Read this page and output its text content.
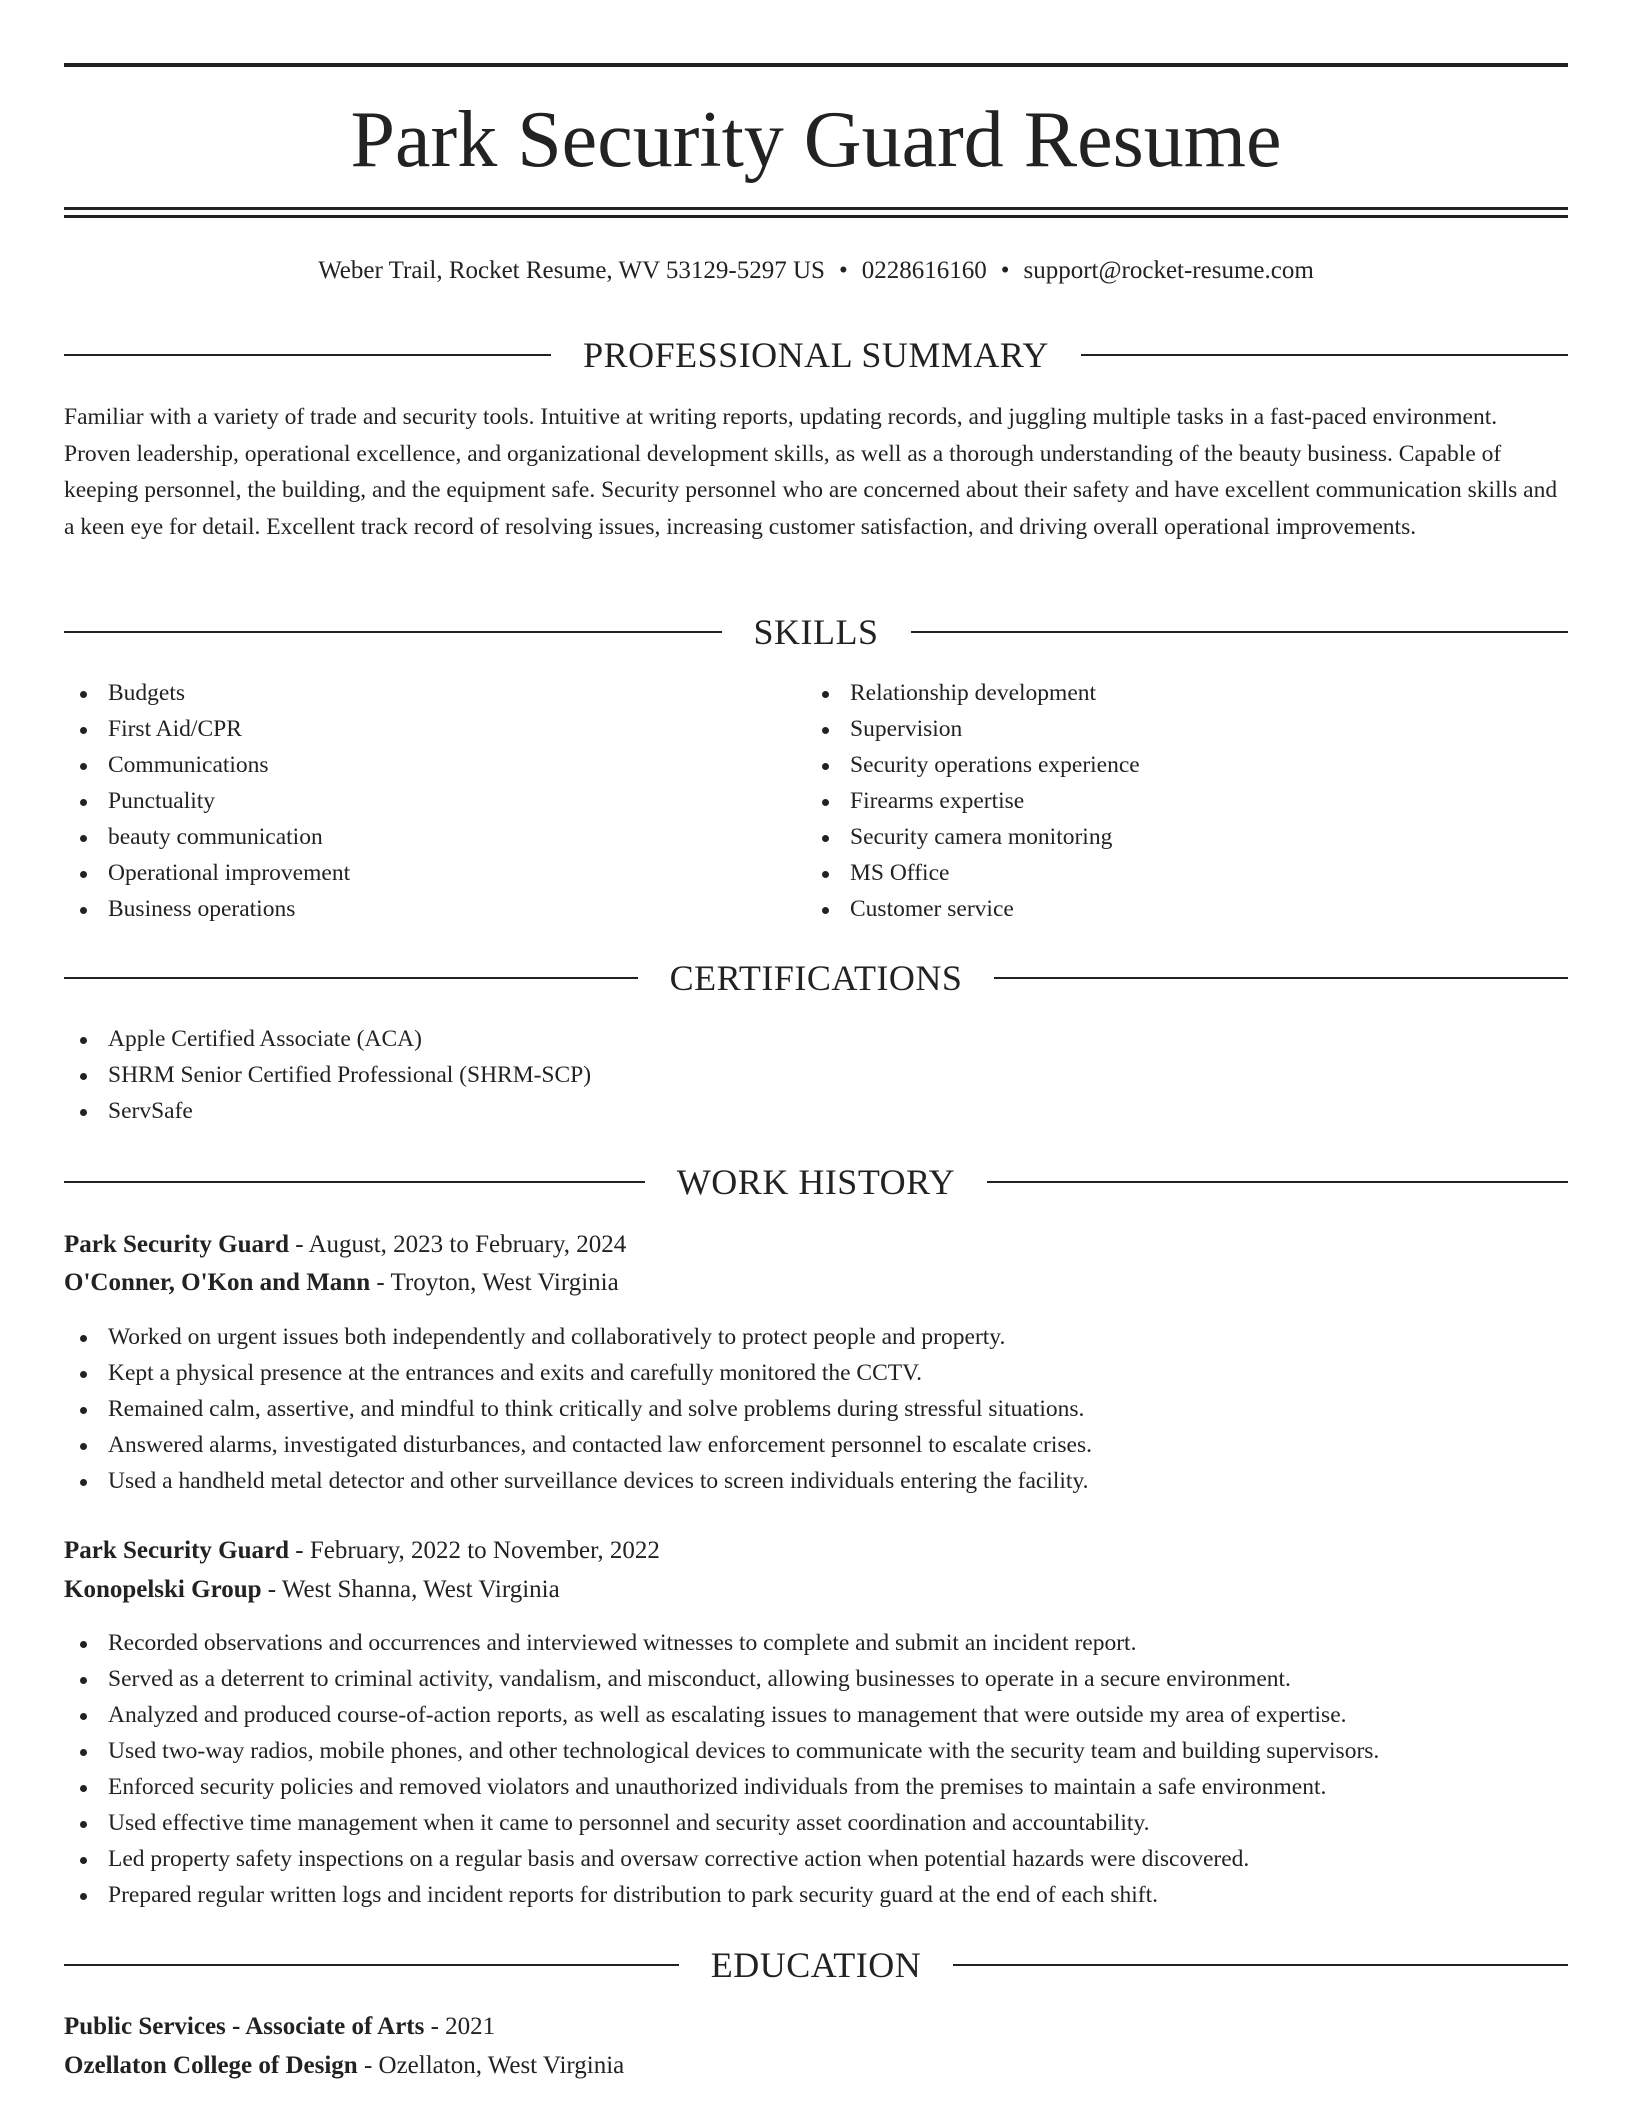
Park Security Guard Resume
Weber Trail, Rocket Resume, WV 53129-5297 US • 0228616160 • support@rocket-resume.com
PROFESSIONAL SUMMARY

Familiar with a variety of trade and security tools. Intuitive at writing reports, updating records, and juggling multiple tasks in a fast-paced environment. Proven leadership, operational excellence, and organizational development skills, as well as a thorough understanding of the beauty business. Capable of keeping personnel, the building, and the equipment safe. Security personnel who are concerned about their safety and have excellent communication skills and a keen eye for detail. Excellent track record of resolving issues, increasing customer satisfaction, and driving overall operational improvements.

SKILLS
Budgets
First Aid/CPR
Communications
Punctuality
beauty communication
Operational improvement
Business operations
Relationship development
Supervision
Security operations experience
Firearms expertise
Security camera monitoring
MS Office
Customer service
CERTIFICATIONS
Apple Certified Associate (ACA)
SHRM Senior Certified Professional (SHRM-SCP)
ServSafe
WORK HISTORY
Park Security Guard - August, 2023 to February, 2024
O'Conner, O'Kon and Mann - Troyton, West Virginia
Worked on urgent issues both independently and collaboratively to protect people and property.
Kept a physical presence at the entrances and exits and carefully monitored the CCTV.
Remained calm, assertive, and mindful to think critically and solve problems during stressful situations.
Answered alarms, investigated disturbances, and contacted law enforcement personnel to escalate crises.
Used a handheld metal detector and other surveillance devices to screen individuals entering the facility.
Park Security Guard - February, 2022 to November, 2022
Konopelski Group - West Shanna, West Virginia
Recorded observations and occurrences and interviewed witnesses to complete and submit an incident report.
Served as a deterrent to criminal activity, vandalism, and misconduct, allowing businesses to operate in a secure environment.
Analyzed and produced course-of-action reports, as well as escalating issues to management that were outside my area of expertise.
Used two-way radios, mobile phones, and other technological devices to communicate with the security team and building supervisors.
Enforced security policies and removed violators and unauthorized individuals from the premises to maintain a safe environment.
Used effective time management when it came to personnel and security asset coordination and accountability.
Led property safety inspections on a regular basis and oversaw corrective action when potential hazards were discovered.
Prepared regular written logs and incident reports for distribution to park security guard at the end of each shift.
EDUCATION
Public Services - Associate of Arts - 2021
Ozellaton College of Design - Ozellaton, West Virginia
